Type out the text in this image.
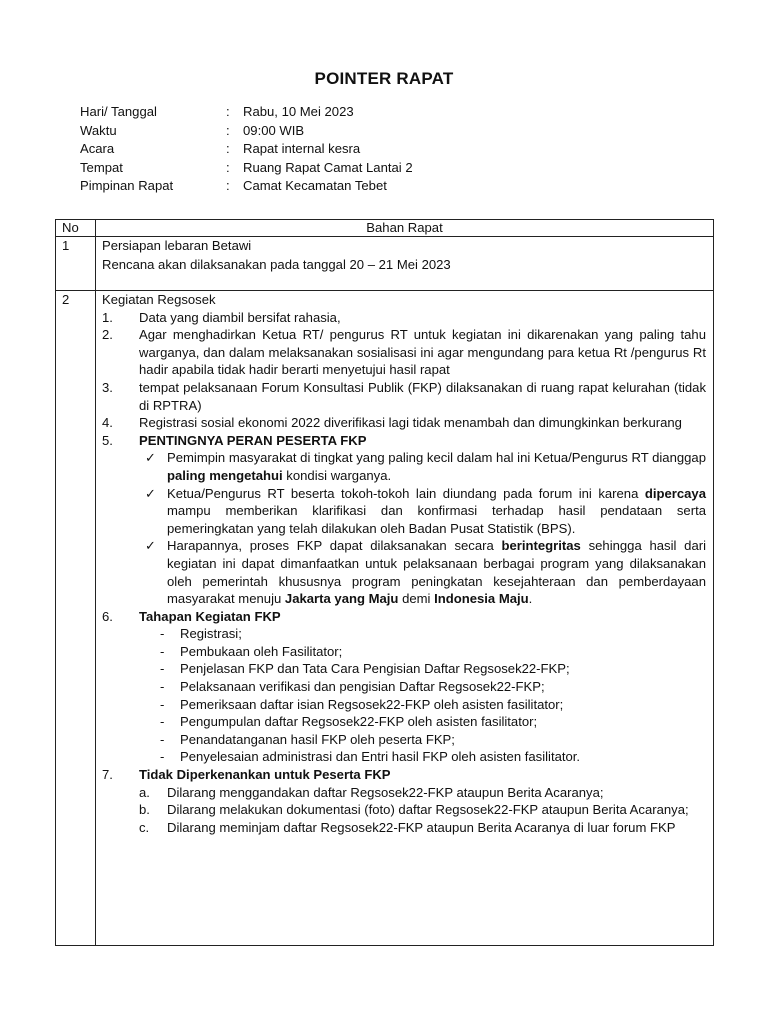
POINTER RAPAT
Hari/ Tanggal	: Rabu, 10 Mei 2023
Waktu	: 09:00 WIB
Acara	: Rapat internal kesra
Tempat	: Ruang Rapat Camat Lantai 2
Pimpinan Rapat	: Camat Kecamatan Tebet
No	Bahan Rapat
1 Persiapan lebaran Betawi
Rencana akan dilaksanakan pada tanggal 20 – 21 Mei 2023
2 Kegiatan Regsosek
1. Data yang diambil bersifat rahasia,
2. Agar menghadirkan Ketua RT/ pengurus RT untuk kegiatan ini dikarenakan yang paling tahu warganya, dan dalam melaksanakan sosialisasi ini agar mengundang para ketua Rt /pengurus Rt hadir apabila tidak hadir berarti menyetujui hasil rapat
3. tempat pelaksanaan Forum Konsultasi Publik (FKP) dilaksanakan di ruang rapat kelurahan (tidak di RPTRA)
4. Registrasi sosial ekonomi 2022 diverifikasi lagi tidak menambah dan dimungkinkan berkurang
5. PENTINGNYA PERAN PESERTA FKP
✓ Pemimpin masyarakat di tingkat yang paling kecil dalam hal ini Ketua/Pengurus RT dianggap paling mengetahui kondisi warganya.
✓ Ketua/Pengurus RT beserta tokoh-tokoh lain diundang pada forum ini karena dipercaya mampu memberikan klarifikasi dan konfirmasi terhadap hasil pendataan serta pemeringkatan yang telah dilakukan oleh Badan Pusat Statistik (BPS).
✓ Harapannya, proses FKP dapat dilaksanakan secara berintegritas sehingga hasil dari kegiatan ini dapat dimanfaatkan untuk pelaksanaan berbagai program yang dilaksanakan oleh pemerintah khususnya program peningkatan kesejahteraan dan pemberdayaan masyarakat menuju Jakarta yang Maju demi Indonesia Maju.
6. Tahapan Kegiatan FKP
- Registrasi;
- Pembukaan oleh Fasilitator;
- Penjelasan FKP dan Tata Cara Pengisian Daftar Regsosek22-FKP;
- Pelaksanaan verifikasi dan pengisian Daftar Regsosek22-FKP;
- Pemeriksaan daftar isian Regsosek22-FKP oleh asisten fasilitator;
- Pengumpulan daftar Regsosek22-FKP oleh asisten fasilitator;
- Penandatanganan hasil FKP oleh peserta FKP;
- Penyelesaian administrasi dan Entri hasil FKP oleh asisten fasilitator.
7. Tidak Diperkenankan untuk Peserta FKP
a. Dilarang menggandakan daftar Regsosek22-FKP ataupun Berita Acaranya;
b. Dilarang melakukan dokumentasi (foto) daftar Regsosek22-FKP ataupun Berita Acaranya;
c. Dilarang meminjam daftar Regsosek22-FKP ataupun Berita Acaranya di luar forum FKP
